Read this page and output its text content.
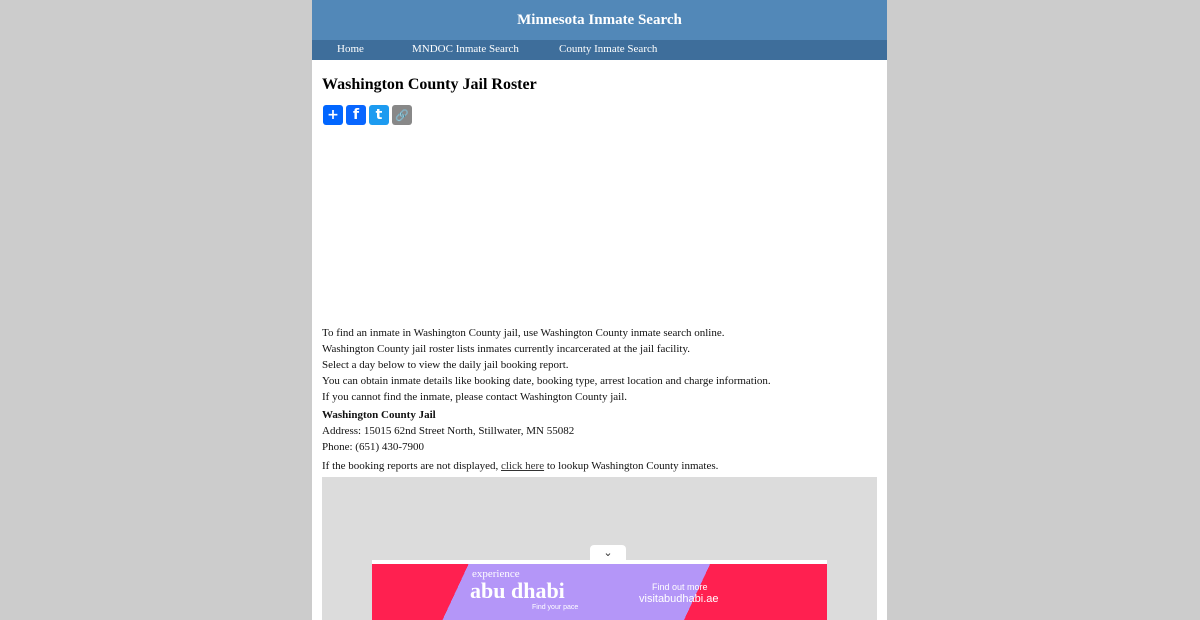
Minnesota Inmate Search
Home	MNDOC Inmate Search	County Inmate Search
Washington County Jail Roster
+	f	t	🔗

To find an inmate in Washington County jail, use Washington County inmate search online.

Washington County jail roster lists inmates currently incarcerated at the jail facility.

Select a day below to view the daily jail booking report.

You can obtain inmate details like booking date, booking type, arrest location and charge information.

If you cannot find the inmate, please contact Washington County jail.

Washington County Jail

Address: 15015 62nd Street North, Stillwater, MN 55082

Phone: (651) 430-7900

If the booking reports are not displayed, click here to lookup Washington County inmates.

⌄
experience
abu dhabi
Find your pace
Find out more
visitabudhabi.ae
